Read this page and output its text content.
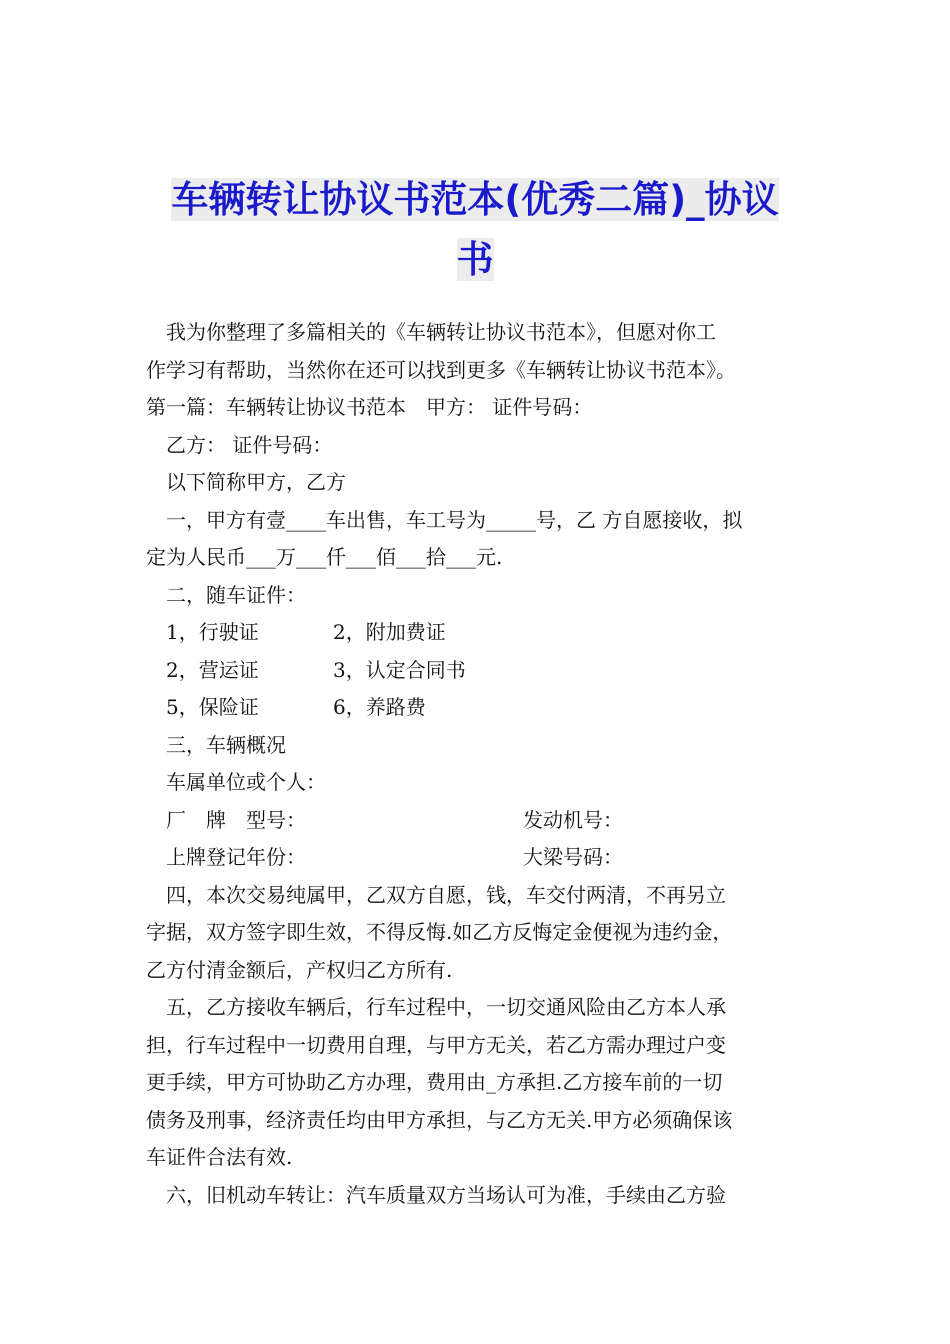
车辆转让协议书范本(优秀二篇)_协议
书

我为你整理了多篇相关的《车辆转让协议书范本》，但愿对你工

作学习有帮助，当然你在还可以找到更多《车辆转让协议书范本》。

第一篇：车辆转让协议书范本　甲方： 证件号码：

乙方： 证件号码：

以下简称甲方，乙方

一，甲方有壹____车出售，车工号为_____号，乙 方自愿接收，拟

定为人民币___万___仟___佰___拾___元.

二，随车证件：

1，行驶证	2，附加费证
2，营运证	3，认定合同书
5，保险证	6，养路费

三，车辆概况

车属单位或个人：

厂　牌　型号：	发动机号：
上牌登记年份：	大梁号码：

四，本次交易纯属甲，乙双方自愿，钱，车交付两清，不再另立

字据，双方签字即生效，不得反悔.如乙方反悔定金便视为违约金，

乙方付清金额后，产权归乙方所有.

五，乙方接收车辆后，行车过程中，一切交通风险由乙方本人承

担，行车过程中一切费用自理，与甲方无关，若乙方需办理过户变

更手续，甲方可协助乙方办理，费用由_方承担.乙方接车前的一切

债务及刑事，经济责任均由甲方承担，与乙方无关.甲方必须确保该

车证件合法有效.

六，旧机动车转让：汽车质量双方当场认可为准，手续由乙方验
